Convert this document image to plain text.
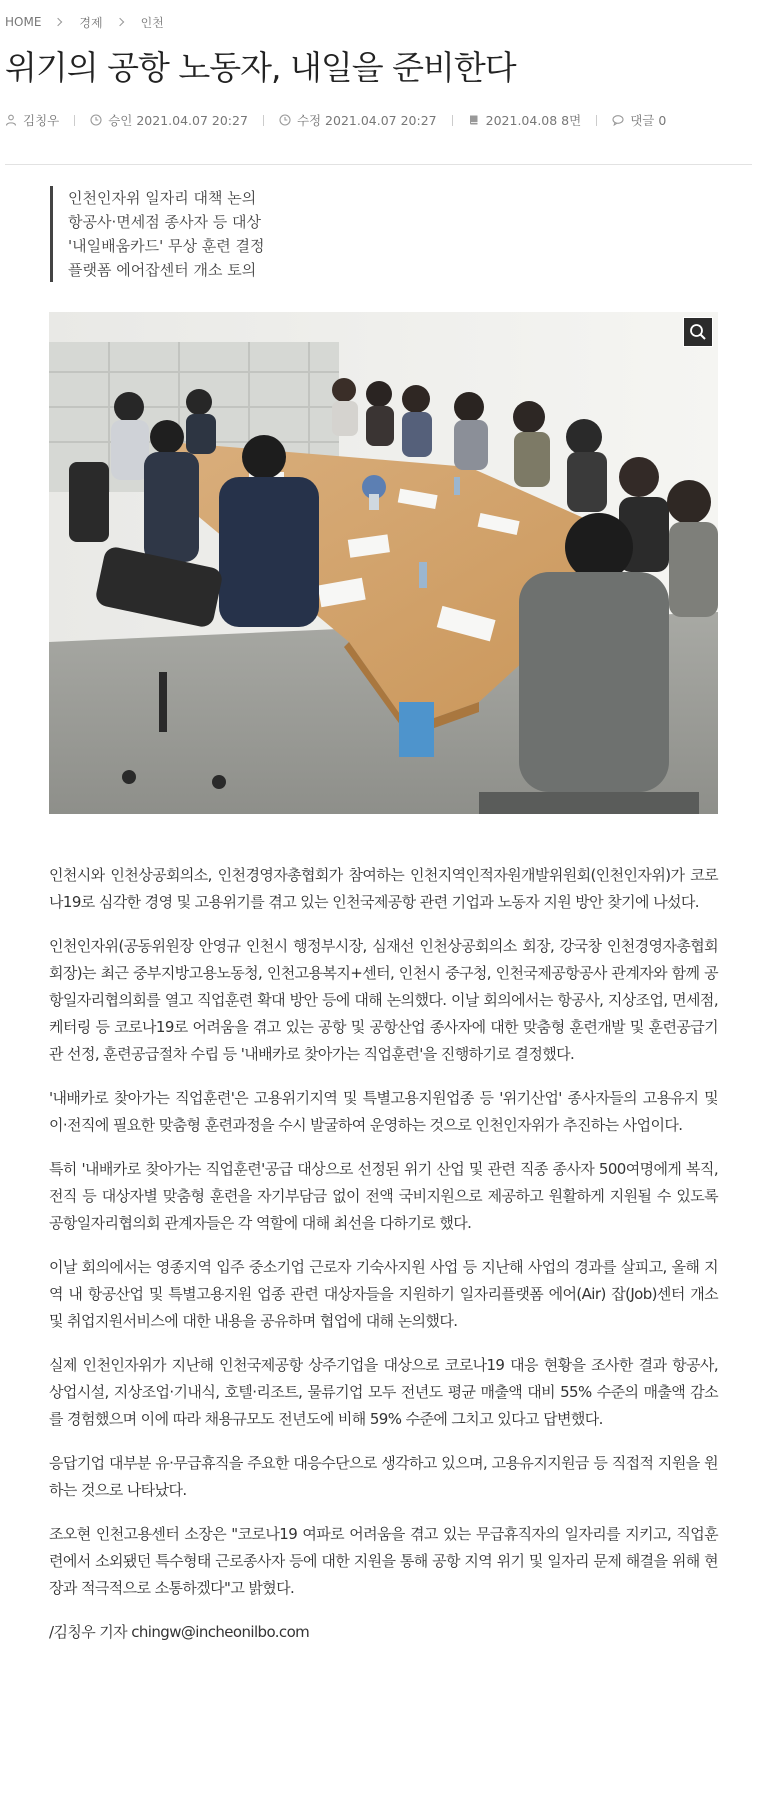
HOME	경제	인천
위기의 공항 노동자, 내일을 준비한다
김칭우	승인 2021.04.07 20:27	수정 2021.04.07 20:27	2021.04.08 8면	댓글 0
인천인자위 일자리 대책 논의
항공사·면세점 종사자 등 대상
'내일배움카드' 무상 훈련 결정
플랫폼 에어잡센터 개소 토의

인천시와 인천상공회의소, 인천경영자총협회가 참여하는 인천지역인적자원개발위원회(인천인자위)가 코로나19로 심각한 경영 및 고용위기를 겪고 있는 인천국제공항 관련 기업과 노동자 지원 방안 찾기에 나섰다.

인천인자위(공동위원장 안영규 인천시 행정부시장, 심재선 인천상공회의소 회장, 강국창 인천경영자총협회 회장)는 최근 중부지방고용노동청, 인천고용복지+센터, 인천시 중구청, 인천국제공항공사 관계자와 함께 공항일자리협의회를 열고 직업훈련 확대 방안 등에 대해 논의했다. 이날 회의에서는 항공사, 지상조업, 면세점, 케터링 등 코로나19로 어려움을 겪고 있는 공항 및 공항산업 종사자에 대한 맞춤형 훈련개발 및 훈련공급기관 선정, 훈련공급절차 수립 등 '내배카로 찾아가는 직업훈련'을 진행하기로 결정했다.

'내배카로 찾아가는 직업훈련'은 고용위기지역 및 특별고용지원업종 등 '위기산업' 종사자들의 고용유지 및 이·전직에 필요한 맞춤형 훈련과정을 수시 발굴하여 운영하는 것으로 인천인자위가 추진하는 사업이다.

특히 '내배카로 찾아가는 직업훈련'공급 대상으로 선정된 위기 산업 및 관련 직종 종사자 500여명에게 복직, 전직 등 대상자별 맞춤형 훈련을 자기부담금 없이 전액 국비지원으로 제공하고 원활하게 지원될 수 있도록 공항일자리협의회 관계자들은 각 역할에 대해 최선을 다하기로 했다.

이날 회의에서는 영종지역 입주 중소기업 근로자 기숙사지원 사업 등 지난해 사업의 경과를 살피고, 올해 지역 내 항공산업 및 특별고용지원 업종 관련 대상자들을 지원하기 일자리플랫폼 에어(Air) 잡(Job)센터 개소 및 취업지원서비스에 대한 내용을 공유하며 협업에 대해 논의했다.

실제 인천인자위가 지난해 인천국제공항 상주기업을 대상으로 코로나19 대응 현황을 조사한 결과 항공사, 상업시설, 지상조업·기내식, 호텔·리조트, 물류기업 모두 전년도 평균 매출액 대비 55% 수준의 매출액 감소를 경험했으며 이에 따라 채용규모도 전년도에 비해 59% 수준에 그치고 있다고 답변했다.

응답기업 대부분 유·무급휴직을 주요한 대응수단으로 생각하고 있으며, 고용유지지원금 등 직접적 지원을 원하는 것으로 나타났다.

조오현 인천고용센터 소장은 "코로나19 여파로 어려움을 겪고 있는 무급휴직자의 일자리를 지키고, 직업훈련에서 소외됐던 특수형태 근로종사자 등에 대한 지원을 통해 공항 지역 위기 및 일자리 문제 해결을 위해 현장과 적극적으로 소통하겠다"고 밝혔다.

/김칭우 기자 chingw@incheonilbo.com
